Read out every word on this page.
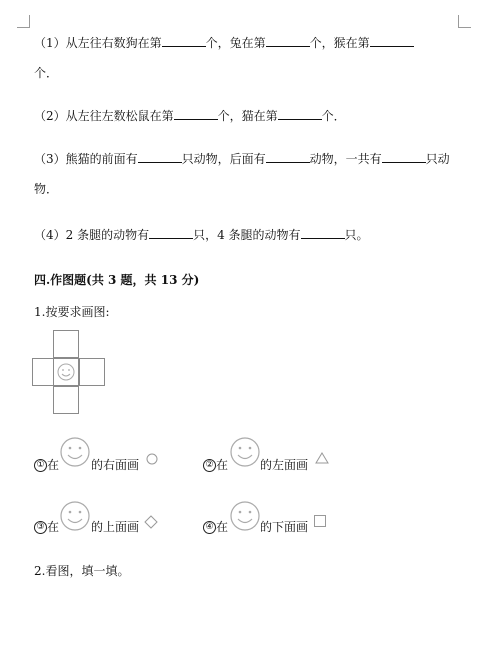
（1）从左往右数狗在第	个，兔在第	个，猴在第
个．
（2）从左往左数松鼠在第	个，猫在第	个．
（3）熊猫的前面有	只动物，后面有	动物，一共有	只动
物．
（4）2 条腿的动物有	只，4 条腿的动物有	只。
四.作图题(共 3 题，共 13 分)
1.按要求画图:
① 在	的右面画	② 在	的左面画
③ 在	的上面画	④ 在	的下面画
2.看图，填一填。
